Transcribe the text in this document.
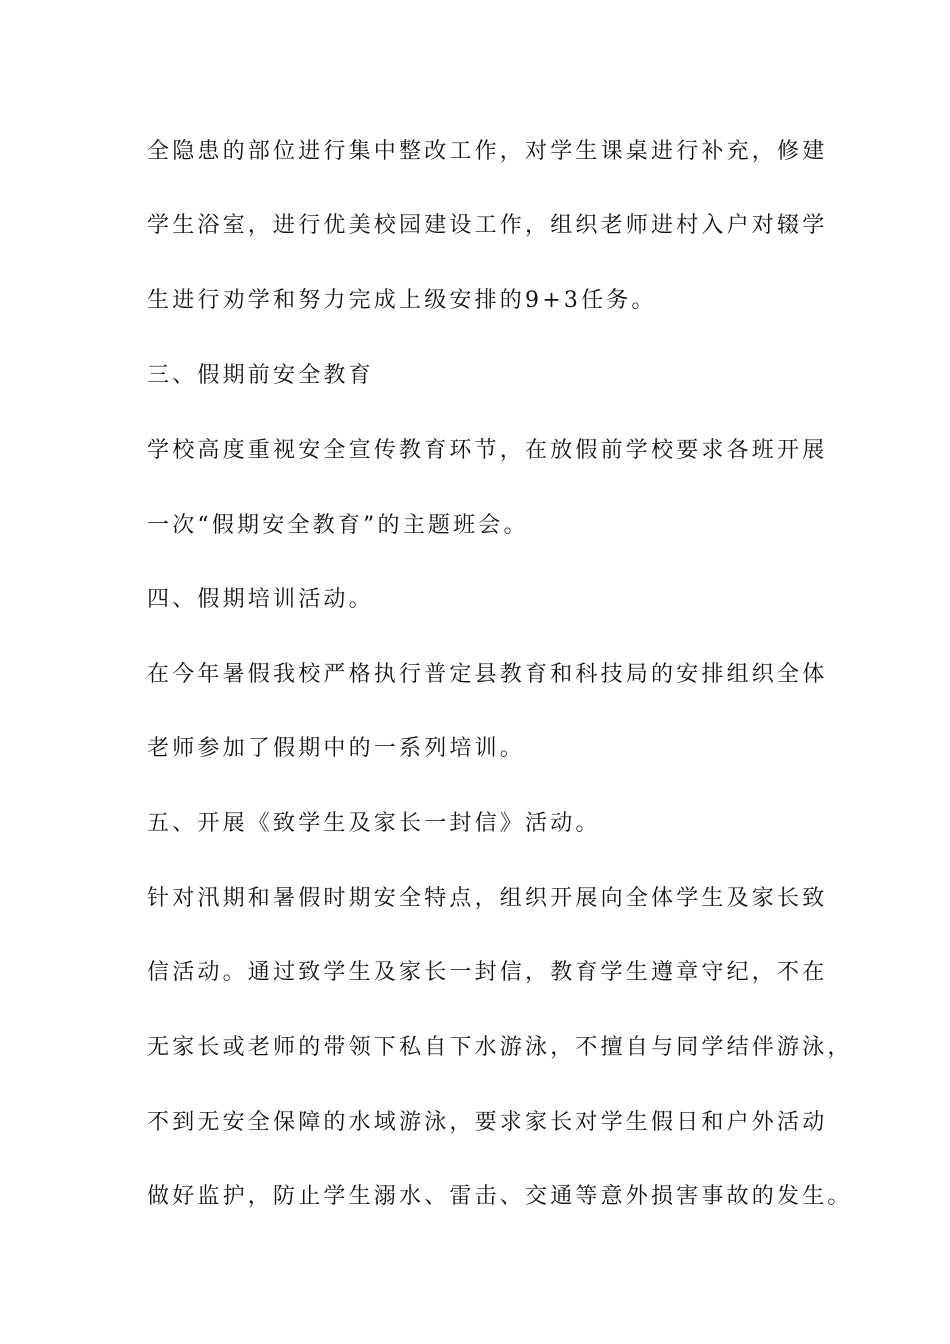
全隐患的部位进行集中整改工作，对学生课桌进行补充，修建
学生浴室，进行优美校园建设工作，组织老师进村入户对辍学
生进行劝学和努力完成上级安排的9+3任务。
三、假期前安全教育
学校高度重视安全宣传教育环节，在放假前学校要求各班开展
一次“假期安全教育”的主题班会。
四、假期培训活动。
在今年暑假我校严格执行普定县教育和科技局的安排组织全体
老师参加了假期中的一系列培训。
五、开展《致学生及家长一封信》活动。
针对汛期和暑假时期安全特点，组织开展向全体学生及家长致
信活动。通过致学生及家长一封信，教育学生遵章守纪，不在
无家长或老师的带领下私自下水游泳，不擅自与同学结伴游泳，
不到无安全保障的水域游泳，要求家长对学生假日和户外活动
做好监护，防止学生溺水、雷击、交通等意外损害事故的发生。
